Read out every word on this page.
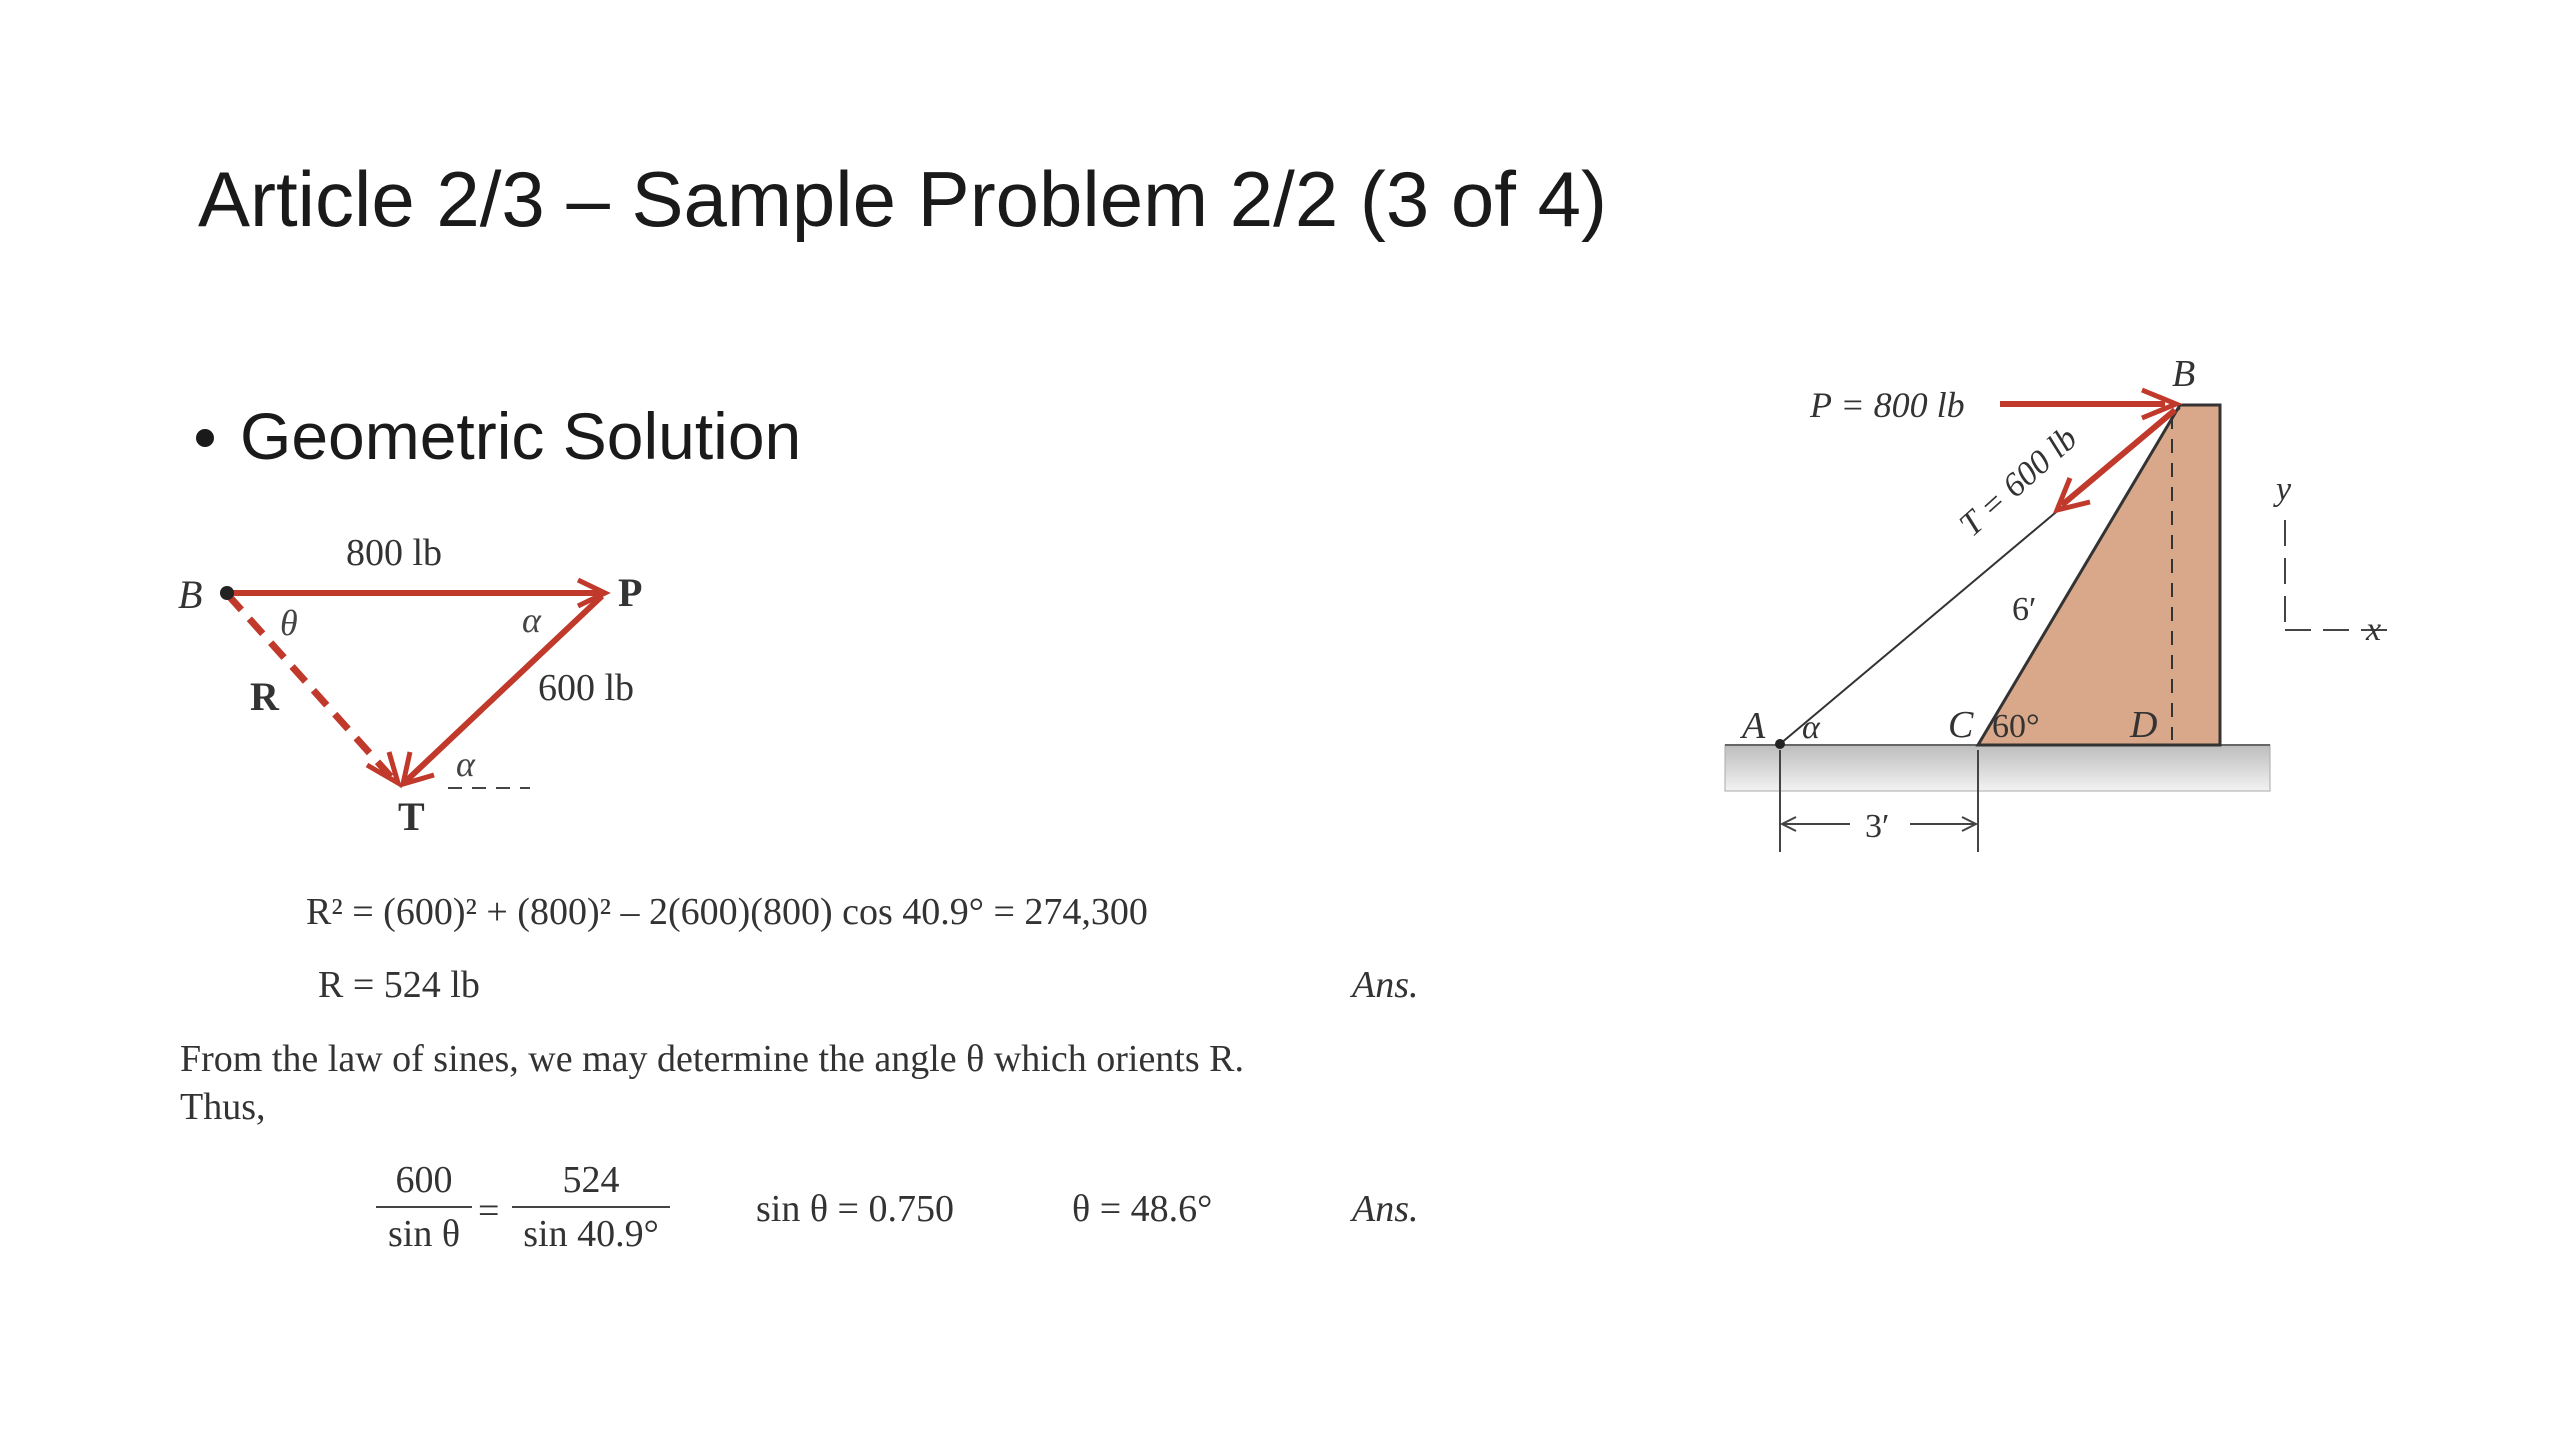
Article 2/3 – Sample Problem 2/2 (3 of 4)
Geometric Solution
800 lb
B	P
θ	α
600 lb
R
α
T
R² = (600)² + (800)² – 2(600)(800) cos 40.9° = 274,300
R = 524 lb	Ans.
From the law of sines, we may determine the angle θ which orients R.
Thus,
600
sin θ
=
524
sin 40.9°
sin θ = 0.750	θ = 48.6°	Ans.
P = 800 lb
T = 600 lb
B
6′
A α	C 60° D
3′
y
x
